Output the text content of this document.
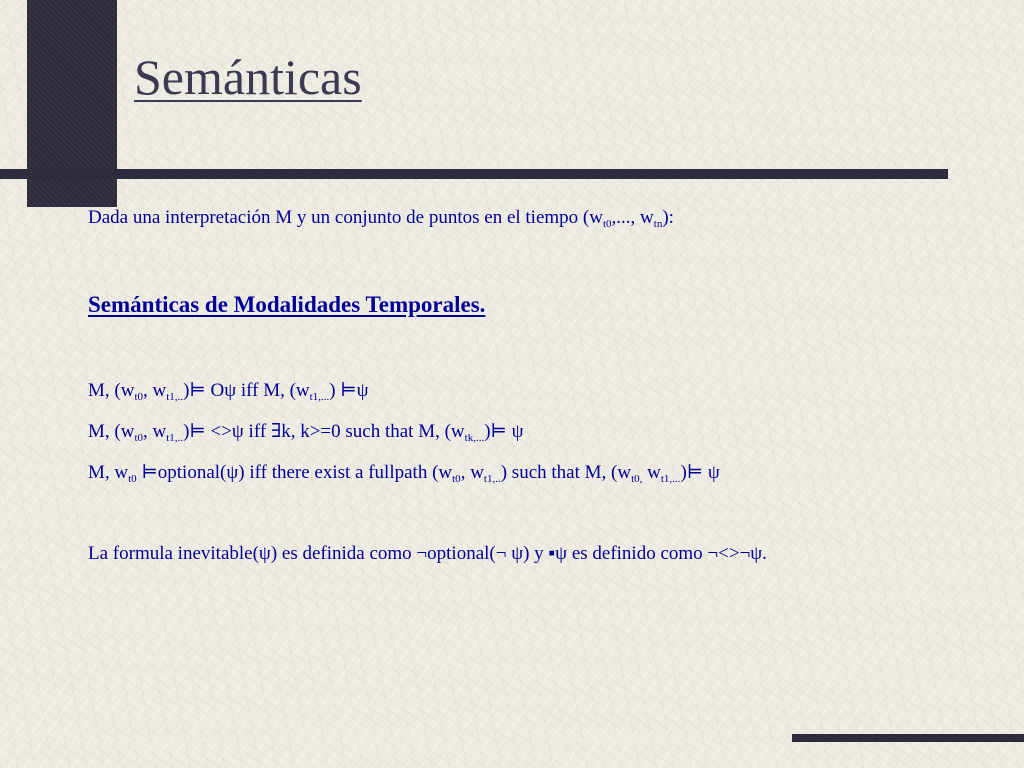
Semánticas
Dada una interpretación M y un conjunto de puntos en el tiempo ($w_{t0}$,..., $w_{tn}$):
Semánticas de Modalidades Temporales.
M, ($w_{t0}$, $w_{t1,..})⊨$ Oψ iff M, $(w_{t1,...})$ ⊨ψ
M, ($w_{t0}$, $w_{t1,..})⊨ <>\psi$ iff ∃k, k>=0 such that M, $(w_{tk,...})⊨$ ψ
M, $w_{t0}$ ⊨optional(ψ) iff there exist a fullpath ($w_{t0}$, $w_{t1,..}$) such that M, ($w_{t0,}$ $w_{t1,...})⊨$ ψ
La formula inevitable(ψ) es definida como ¬optional(¬ ψ) y ▪ψ es definido como ¬<>¬ψ.
